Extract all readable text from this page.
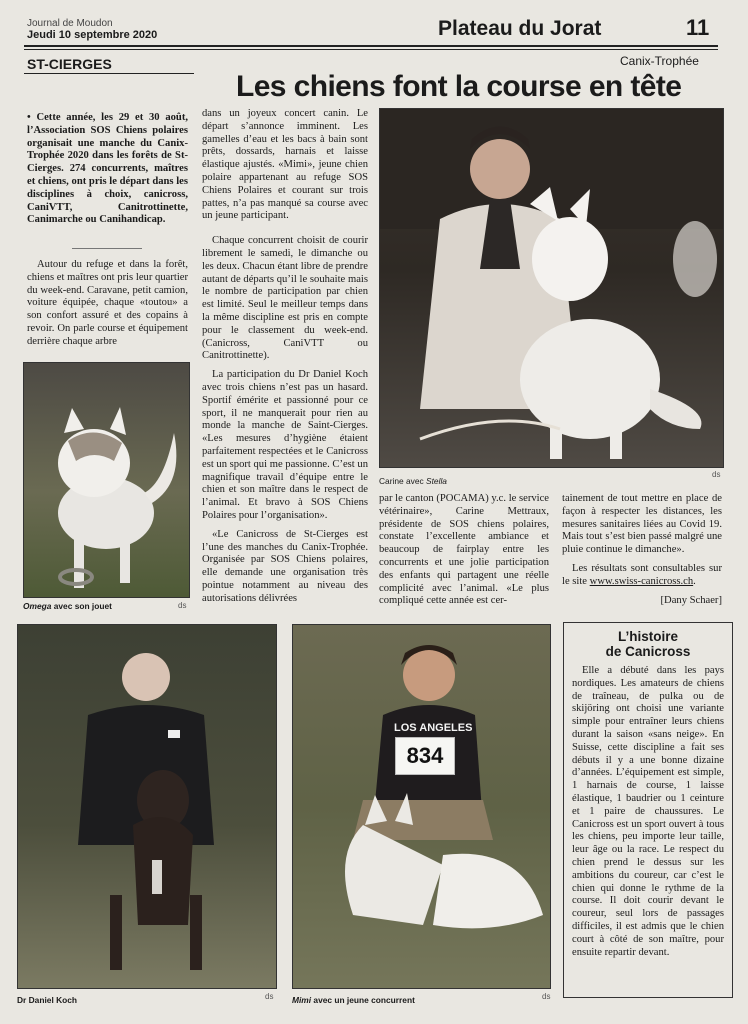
Journal de Moudon
Jeudi 10 septembre 2020	Plateau du Jorat	11
ST-CIERGES	Canix-Trophée
Les chiens font la course en tête
• Cette année, les 29 et 30 août, l’Association SOS Chiens polaires organisait une manche du Canix-Trophée 2020 dans les forêts de St-Cierges. 274 concurrents, maîtres et chiens, ont pris le départ dans les disciplines à choix, canicross, CaniVTT, Canitrottinette, Canimarche ou Canihandicap.

Autour du refuge et dans la forêt, chiens et maîtres ont pris leur quartier du week-end. Caravane, petit camion, voiture équipée, chaque «toutou» a son confort assuré et des copains à revoir. On parle course et équipement derrière chaque arbre

Omega avec son jouet	ds

dans un joyeux concert canin. Le départ s’annonce imminent. Les gamelles d’eau et les bacs à bain sont prêts, dossards, harnais et laisse élastique ajustés. «Mimi», jeune chien polaire appartenant au refuge SOS Chiens Polaires et courant sur trois pattes, n’a pas manqué sa course avec un jeune participant.

Chaque concurrent choisit de courir librement le samedi, le dimanche ou les deux. Chacun étant libre de prendre autant de départs qu’il le souhaite mais le nombre de participation par chien est limité. Seul le meilleur temps dans la même discipline est pris en compte pour le classement du week-end. (Canicross, CaniVTT ou Canitrottinette).

La participation du Dr Daniel Koch avec trois chiens n’est pas un hasard. Sportif émérite et passionné pour ce sport, il ne manquerait pour rien au monde la manche de Saint-Cierges. «Les mesures d’hygiène étaient parfaitement respectées et le Canicross est un sport qui me passionne. C’est un magnifique travail d’équipe entre le chien et son maître dans le respect de l’animal. Et bravo à SOS Chiens Polaires pour l’organisation».

«Le Canicross de St-Cierges est l’une des manches du Canix-Trophée. Organisée par SOS Chiens polaires, elle demande une organisation très pointue notamment au niveau des autorisations délivrées

Carine avec Stella
ds

par le canton (POCAMA) y.c. le service vétérinaire», Carine Mettraux, présidente de SOS chiens polaires, constate l’excellente ambiance et beaucoup de fairplay entre les concurrents et une jolie participation des enfants qui partagent une réelle complicité avec l’animal. «Le plus compliqué cette année est cer-

tainement de tout mettre en place de façon à respecter les distances, les mesures sanitaires liées au Covid 19. Mais tout s’est bien passé malgré une pluie continue le dimanche».

Les résultats sont consultables sur le site www.swiss-canicross.ch.

[Dany Schaer]
Dr Daniel Koch	ds
LOS ANGELES
834
Mimi avec un jeune concurrent	ds
L’histoire
de Canicross

Elle a débuté dans les pays nordiques. Les amateurs de chiens de traîneau, de pulka ou de skijöring ont choisi une variante simple pour entraîner leurs chiens durant la saison «sans neige». En Suisse, cette discipline a fait ses débuts il y a une bonne dizaine d’années. L’équipement est simple, 1 harnais de course, 1 laisse élastique, 1 baudrier ou 1 ceinture et 1 paire de chaussures. Le Canicross est un sport ouvert à tous les chiens, peu importe leur taille, leur âge ou la race. Le respect du chien prend le dessus sur les ambitions du coureur, car c’est le chien qui donne le rythme de la course. Il doit courir devant le coureur, seul lors de passages difficiles, il est admis que le chien court à côté de son maître, pour ensuite repartir devant.
